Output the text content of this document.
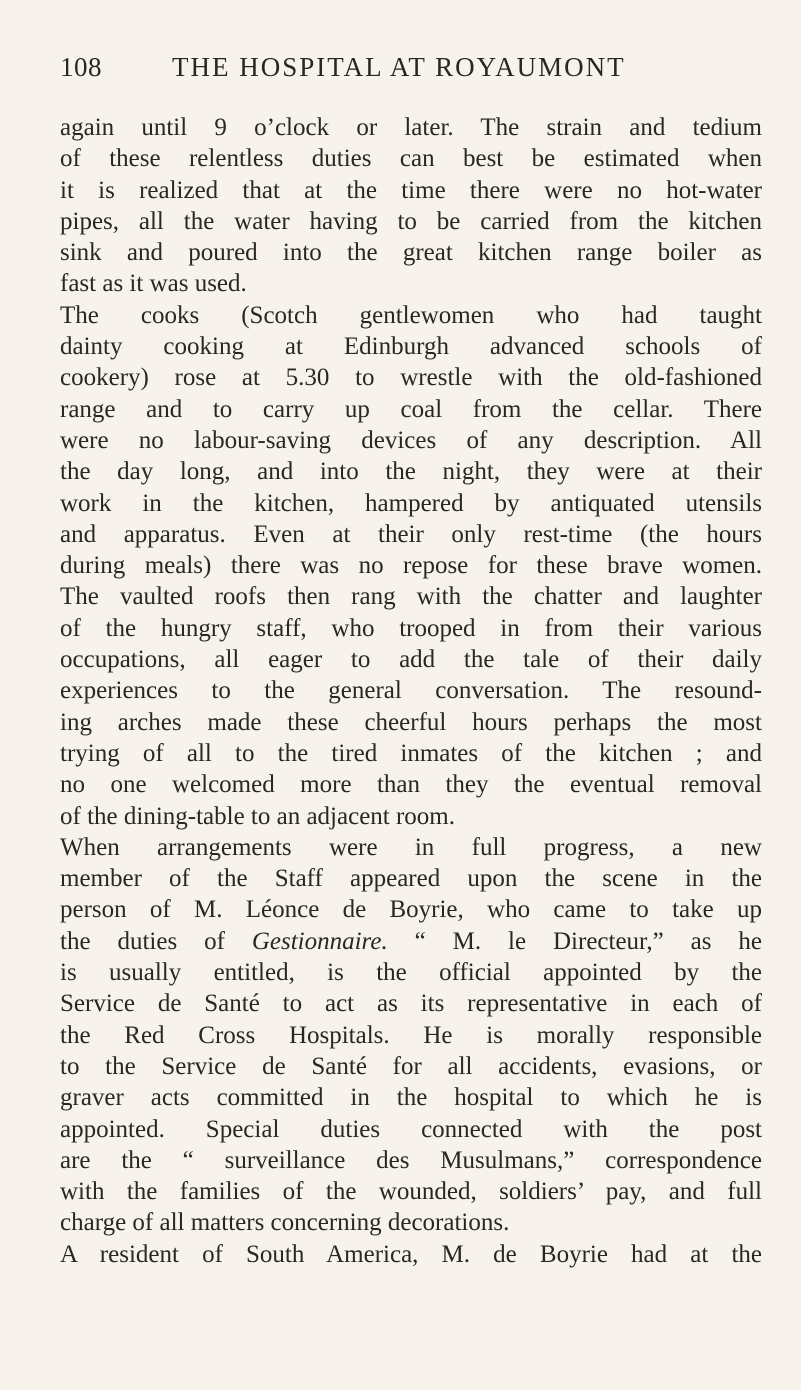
108	THE HOSPITAL AT ROYAUMONT
again until 9 o’clock or later. The strain and tedium
of these relentless duties can best be estimated when
it is realized that at the time there were no hot-water
pipes, all the water having to be carried from the kitchen
sink and poured into the great kitchen range boiler as
fast as it was used.
The cooks (Scotch gentlewomen who had taught
dainty cooking at Edinburgh advanced schools of
cookery) rose at 5.30 to wrestle with the old-fashioned
range and to carry up coal from the cellar. There
were no labour-saving devices of any description. All
the day long, and into the night, they were at their
work in the kitchen, hampered by antiquated utensils
and apparatus. Even at their only rest-time (the hours
during meals) there was no repose for these brave women.
The vaulted roofs then rang with the chatter and laughter
of the hungry staff, who trooped in from their various
occupations, all eager to add the tale of their daily
experiences to the general conversation. The resound-
ing arches made these cheerful hours perhaps the most
trying of all to the tired inmates of the kitchen ; and
no one welcomed more than they the eventual removal
of the dining-table to an adjacent room.
When arrangements were in full progress, a new
member of the Staff appeared upon the scene in the
person of M. Léonce de Boyrie, who came to take up
the duties of Gestionnaire. “ M. le Directeur,” as he
is usually entitled, is the official appointed by the
Service de Santé to act as its representative in each of
the Red Cross Hospitals. He is morally responsible
to the Service de Santé for all accidents, evasions, or
graver acts committed in the hospital to which he is
appointed. Special duties connected with the post
are the “ surveillance des Musulmans,” correspondence
with the families of the wounded, soldiers’ pay, and full
charge of all matters concerning decorations.
A resident of South America, M. de Boyrie had at the
